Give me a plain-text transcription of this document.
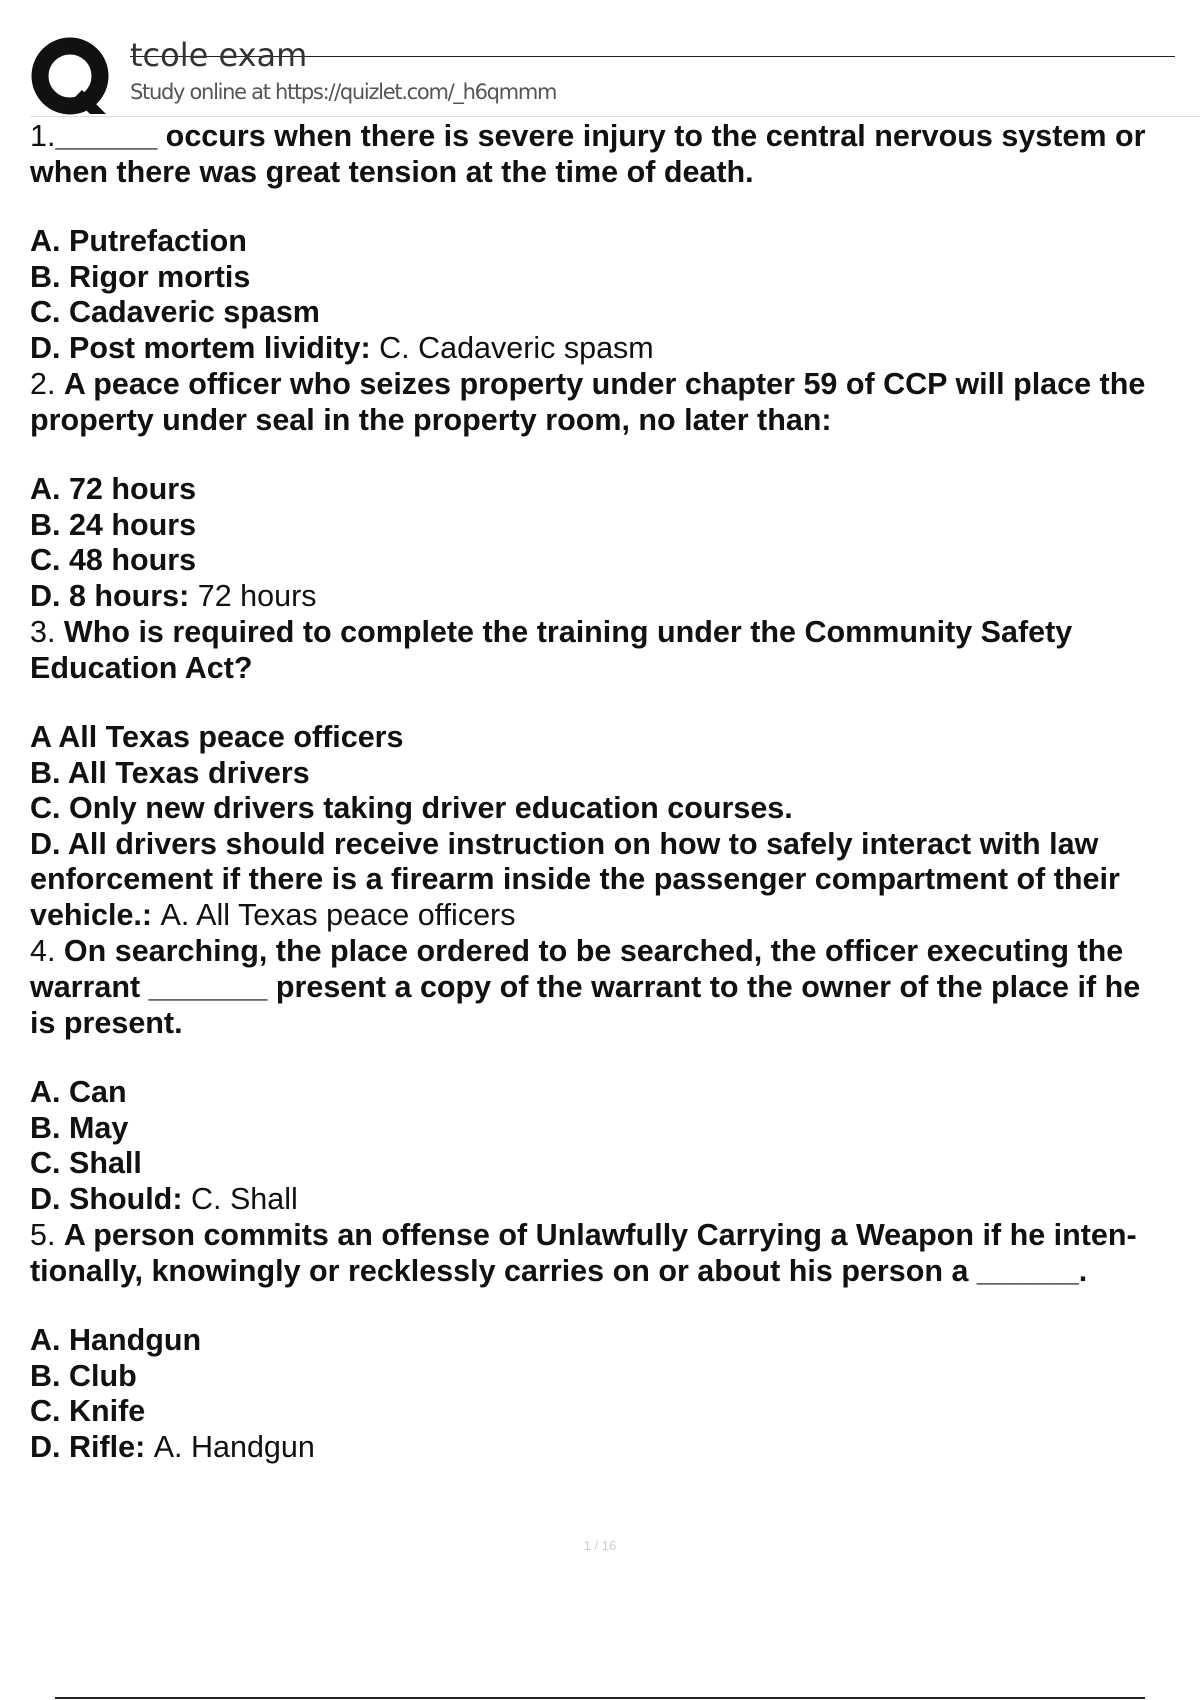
tcole exam
Study online at https://quizlet.com/_h6qmmm

1.______ occurs when there is severe injury to the central nervous system or

when there was great tension at the time of death.

A. Putrefaction

B. Rigor mortis

C. Cadaveric spasm

D. Post mortem lividity: C. Cadaveric spasm

2. A peace officer who seizes property under chapter 59 of CCP will place the

property under seal in the property room, no later than:

A. 72 hours

B. 24 hours

C. 48 hours

D. 8 hours: 72 hours

3. Who is required to complete the training under the Community Safety

Education Act?

A All Texas peace officers

B. All Texas drivers

C. Only new drivers taking driver education courses.

D. All drivers should receive instruction on how to safely interact with law

enforcement if there is a firearm inside the passenger compartment of their

vehicle.: A. All Texas peace officers

4. On searching, the place ordered to be searched, the officer executing the

warrant _______ present a copy of the warrant to the owner of the place if he

is present.

A. Can

B. May

C. Shall

D. Should: C. Shall

5. A person commits an offense of Unlawfully Carrying a Weapon if he inten-

tionally, knowingly or recklessly carries on or about his person a ______.

A. Handgun

B. Club

C. Knife

D. Rifle: A. Handgun

1 / 16
